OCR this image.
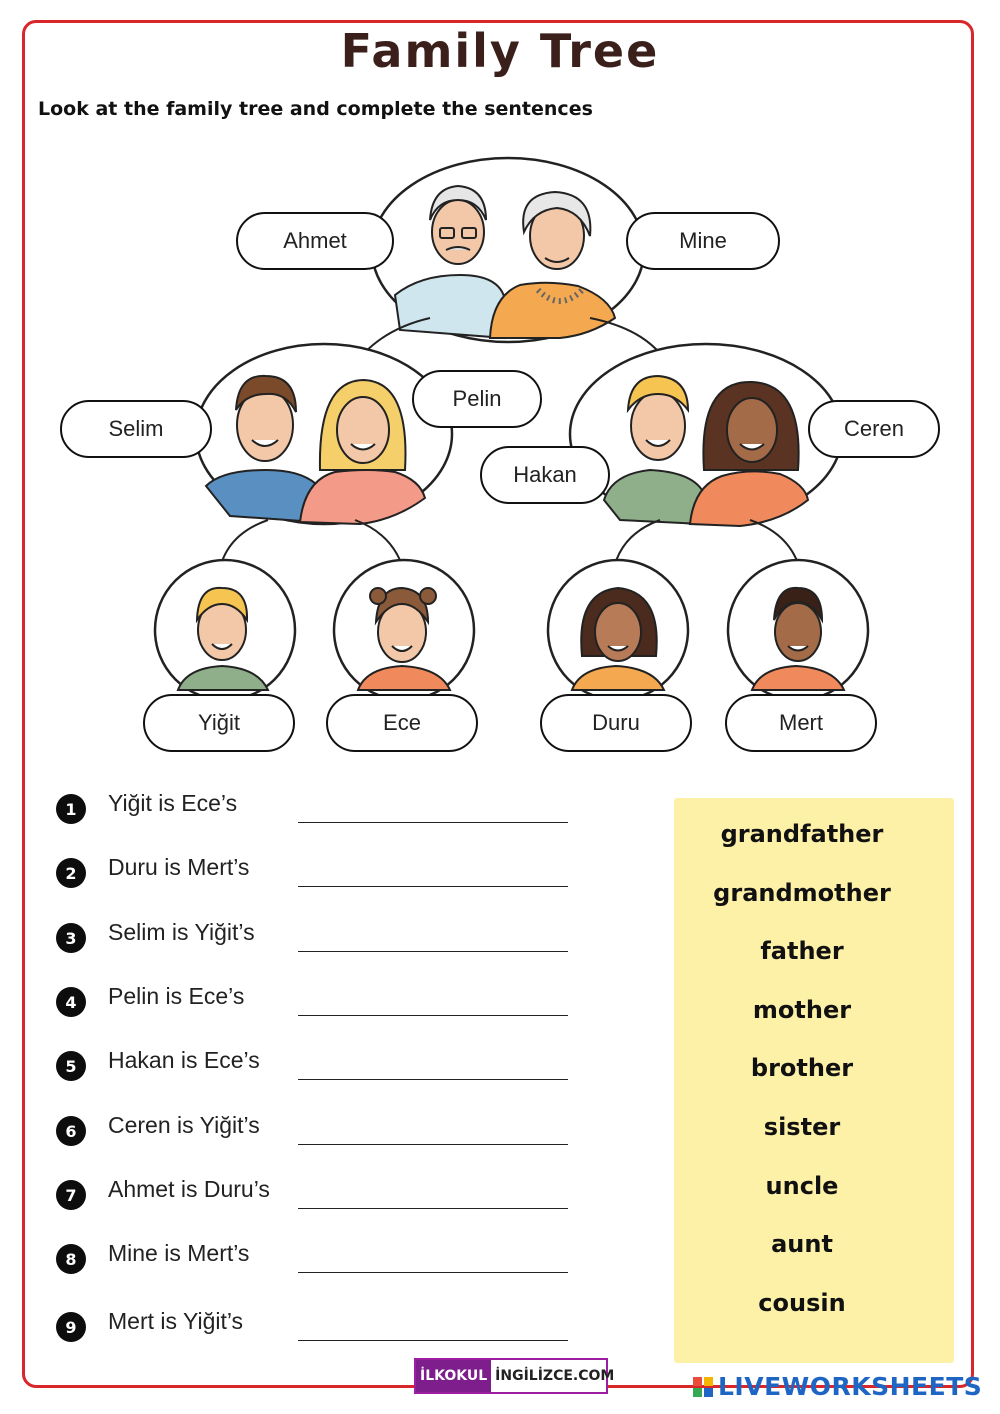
Family Tree
Look at the family tree and complete the sentences
Ahmet	Mine
Selim
Pelin
Hakan
Ceren
Yiğit	Ece	Duru	Mert
1	Yiğit is Ece’s
2	Duru is Mert’s
3	Selim is Yiğit’s
4	Pelin is Ece’s
5	Hakan is Ece’s
6	Ceren is Yiğit’s
7	Ahmet is Duru’s
8	Mine is Mert’s
9	Mert is Yiğit’s
grandfather
grandmother
father
mother
brother
sister
uncle
aunt
cousin
İLKOKUL İNGİLİZCE.COM	LIVEWORKSHEETS
